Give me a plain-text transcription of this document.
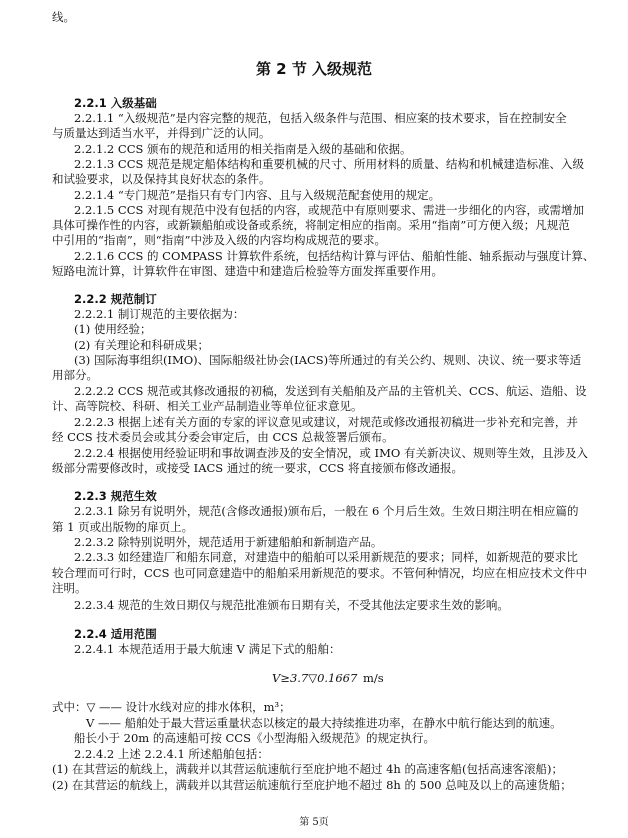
线。
第 2 节 入级规范
2.2.1 入级基础
2.2.1.1 “入级规范”是内容完整的规范，包括入级条件与范围、相应案的技术要求，旨在控制安全
与质量达到适当水平，并得到广泛的认同。
2.2.1.2 CCS 颁布的规范和适用的相关指南是入级的基础和依据。
2.2.1.3 CCS 规范是规定船体结构和重要机械的尺寸、所用材料的质量、结构和机械建造标准、入级
和试验要求，以及保持其良好状态的条件。
2.2.1.4 “专门规范”是指只有专门内容、且与入级规范配套使用的规定。
2.2.1.5 CCS 对现有规范中没有包括的内容，或规范中有原则要求、需进一步细化的内容，或需增加
具体可操作性的内容，或新颖船舶或设备或系统，将制定相应的指南。采用“指南”可方便入级；凡规范
中引用的“指南”，则“指南”中涉及入级的内容均构成规范的要求。
2.2.1.6 CCS 的 COMPASS 计算软件系统，包括结构计算与评估、船舶性能、轴系振动与强度计算、
短路电流计算，计算软件在审图、建造中和建造后检验等方面发挥重要作用。
2.2.2 规范制订
2.2.2.1 制订规范的主要依据为：
(1) 使用经验；
(2) 有关理论和科研成果；
(3) 国际海事组织(IMO)、国际船级社协会(IACS)等所通过的有关公约、规则、决议、统一要求等适
用部分。
2.2.2.2 CCS 规范或其修改通报的初稿，发送到有关船舶及产品的主管机关、CCS、航运、造船、设
计、高等院校、科研、相关工业产品制造业等单位征求意见。
2.2.2.3 根据上述有关方面的专家的评议意见或建议，对规范或修改通报初稿进一步补充和完善，并
经 CCS 技术委员会或其分委会审定后，由 CCS 总裁签署后颁布。
2.2.2.4 根据使用经验证明和事故调查涉及的安全情况，或 IMO 有关新决议、规则等生效，且涉及入
级部分需要修改时，或接受 IACS 通过的统一要求，CCS 将直接颁布修改通报。
2.2.3 规范生效
2.2.3.1 除另有说明外，规范(含修改通报)颁布后，一般在 6 个月后生效。生效日期注明在相应篇的
第 1 页或出版物的扉页上。
2.2.3.2 除特别说明外，规范适用于新建船舶和新制造产品。
2.2.3.3 如经建造厂和船东同意，对建造中的船舶可以采用新规范的要求；同样，如新规范的要求比
较合理而可行时，CCS 也可同意建造中的船舶采用新规范的要求。不管何种情况，均应在相应技术文件中
注明。
2.2.3.4 规范的生效日期仅与规范批准颁布日期有关，不受其他法定要求生效的影响。
2.2.4 适用范围
2.2.4.1 本规范适用于最大航速 V 满足下式的船舶：
V≥3.7▽0.1667 m/s
式中：▽ —— 设计水线对应的排水体积，m³；
V —— 船舶处于最大营运重量状态以核定的最大持续推进功率，在静水中航行能达到的航速。
船长小于 20m 的高速船可按 CCS《小型海船入级规范》的规定执行。
2.2.4.2 上述 2.2.4.1 所述船舶包括：
(1) 在其营运的航线上，满载并以其营运航速航行至庇护地不超过 4h 的高速客船(包括高速客滚船)；
(2) 在其营运的航线上，满载并以其营运航速航行至庇护地不超过 8h 的 500 总吨及以上的高速货船；
第 5页
